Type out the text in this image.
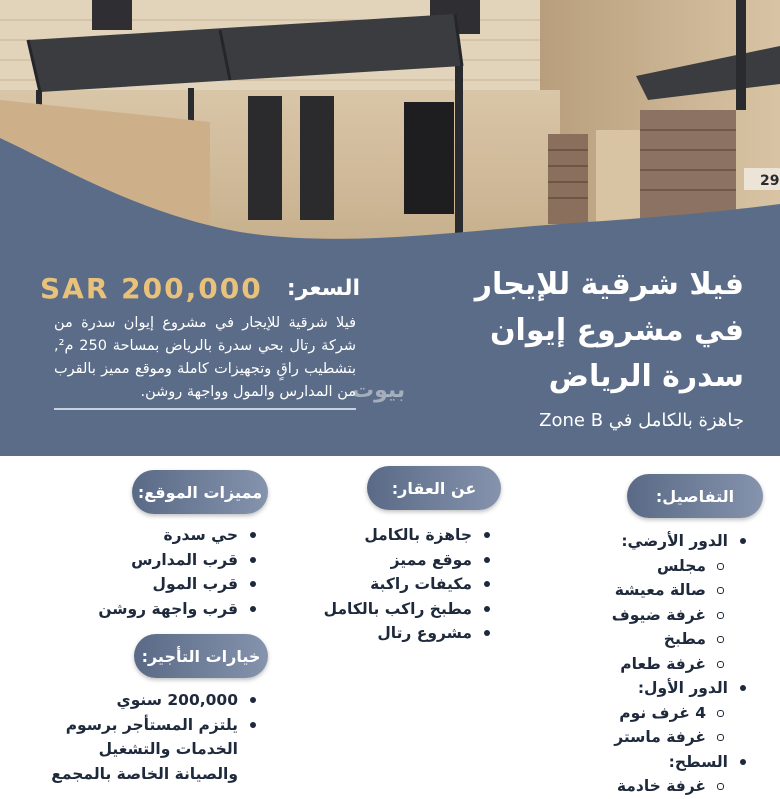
29
فيلا شرقية للإيجار
في مشروع إيوان
سدرة الرياض
جاهزة بالكامل في Zone B
السعر:
SAR 200,000
فيلا شرقية للإيجار في مشروع إيوان سدرة من شركة رتال بحي سدرة بالرياض بمساحة 250 م², بتشطيب راقٍ وتجهيزات كاملة وموقع مميز بالقرب من المدارس والمول وواجهة روشن.
بيوت
التفاصيل:
عن العقار:
مميزات الموقع:
خيارات التأجير:
الدور الأرضي:
مجلس
صالة معيشة
غرفة ضيوف
مطبخ
غرفة طعام
الدور الأول:
4 غرف نوم
غرفة ماستر
السطح:
غرفة خادمة
جاهزة بالكامل
موقع مميز
مكيفات راكبة
مطبخ راكب بالكامل
مشروع رتال
حي سدرة
قرب المدارس
قرب المول
قرب واجهة روشن
200,000 سنوي
يلتزم المستأجر برسوم الخدمات والتشغيل والصيانة الخاصة بالمجمع
